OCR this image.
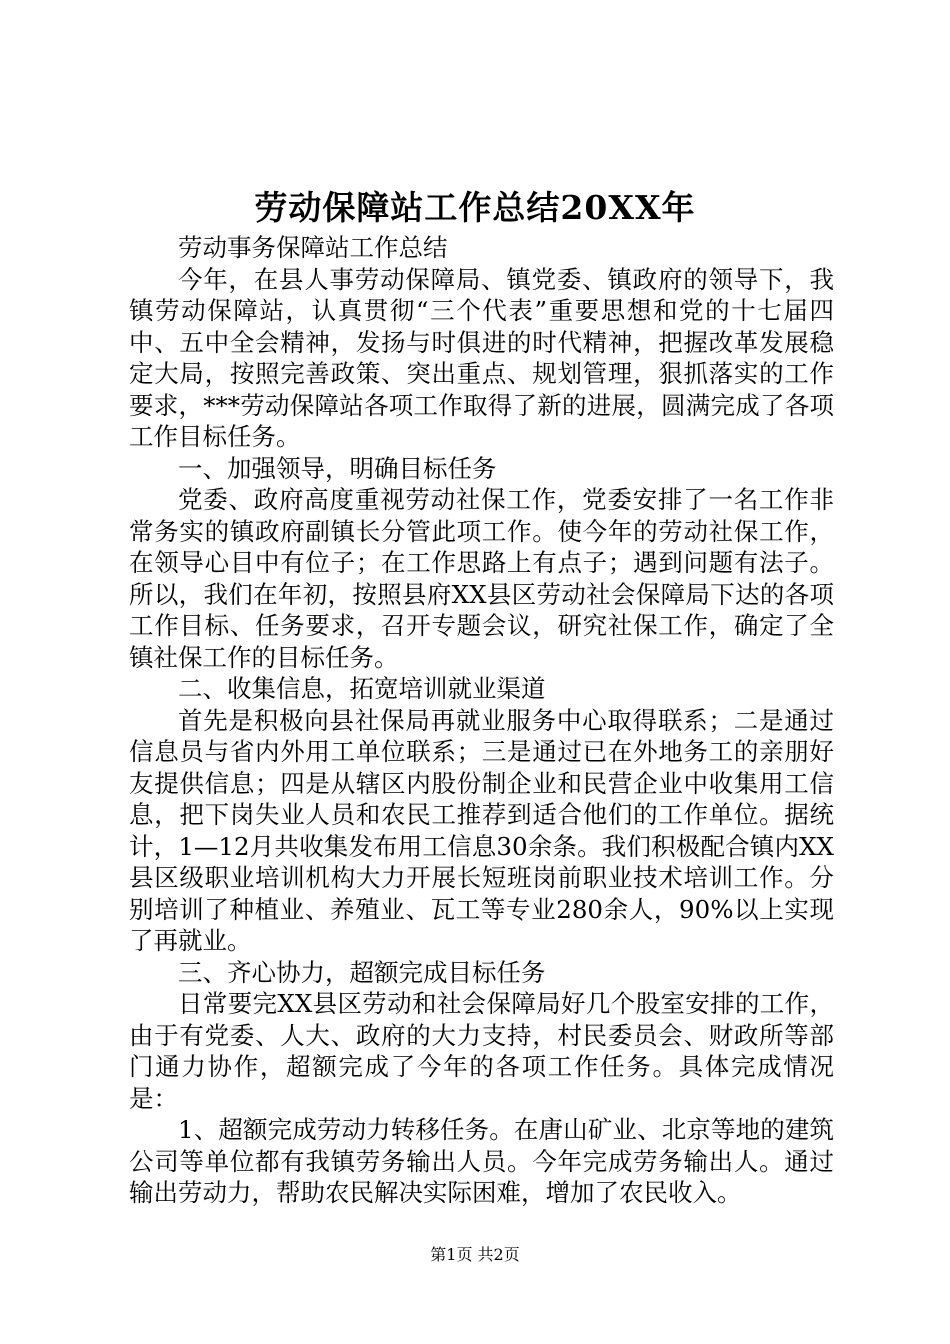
劳动保障站工作总结20XX年

劳动事务保障站工作总结

今年，在县人事劳动保障局、镇党委、镇政府的领导下，我镇劳动保障站，认真贯彻“三个代表”重要思想和党的十七届四中、五中全会精神，发扬与时俱进的时代精神，把握改革发展稳定大局，按照完善政策、突出重点、规划管理，狠抓落实的工作要求，***劳动保障站各项工作取得了新的进展，圆满完成了各项工作目标任务。

一、加强领导，明确目标任务

党委、政府高度重视劳动社保工作，党委安排了一名工作非常务实的镇政府副镇长分管此项工作。使今年的劳动社保工作，在领导心目中有位子；在工作思路上有点子；遇到问题有法子。所以，我们在年初，按照县府XX县区劳动社会保障局下达的各项工作目标、任务要求，召开专题会议，研究社保工作，确定了全镇社保工作的目标任务。

二、收集信息，拓宽培训就业渠道

首先是积极向县社保局再就业服务中心取得联系；二是通过信息员与省内外用工单位联系；三是通过已在外地务工的亲朋好友提供信息；四是从辖区内股份制企业和民营企业中收集用工信息，把下岗失业人员和农民工推荐到适合他们的工作单位。据统计，1—12月共收集发布用工信息30余条。我们积极配合镇内XX县区级职业培训机构大力开展长短班岗前职业技术培训工作。分别培训了种植业、养殖业、瓦工等专业280余人，90%以上实现了再就业。

三、齐心协力，超额完成目标任务

日常要完XX县区劳动和社会保障局好几个股室安排的工作，由于有党委、人大、政府的大力支持，村民委员会、财政所等部门通力协作，超额完成了今年的各项工作任务。具体完成情况是：

1、超额完成劳动力转移任务。在唐山矿业、北京等地的建筑公司等单位都有我镇劳务输出人员。今年完成劳务输出人。通过输出劳动力，帮助农民解决实际困难，增加了农民收入。

第1页 共2页
